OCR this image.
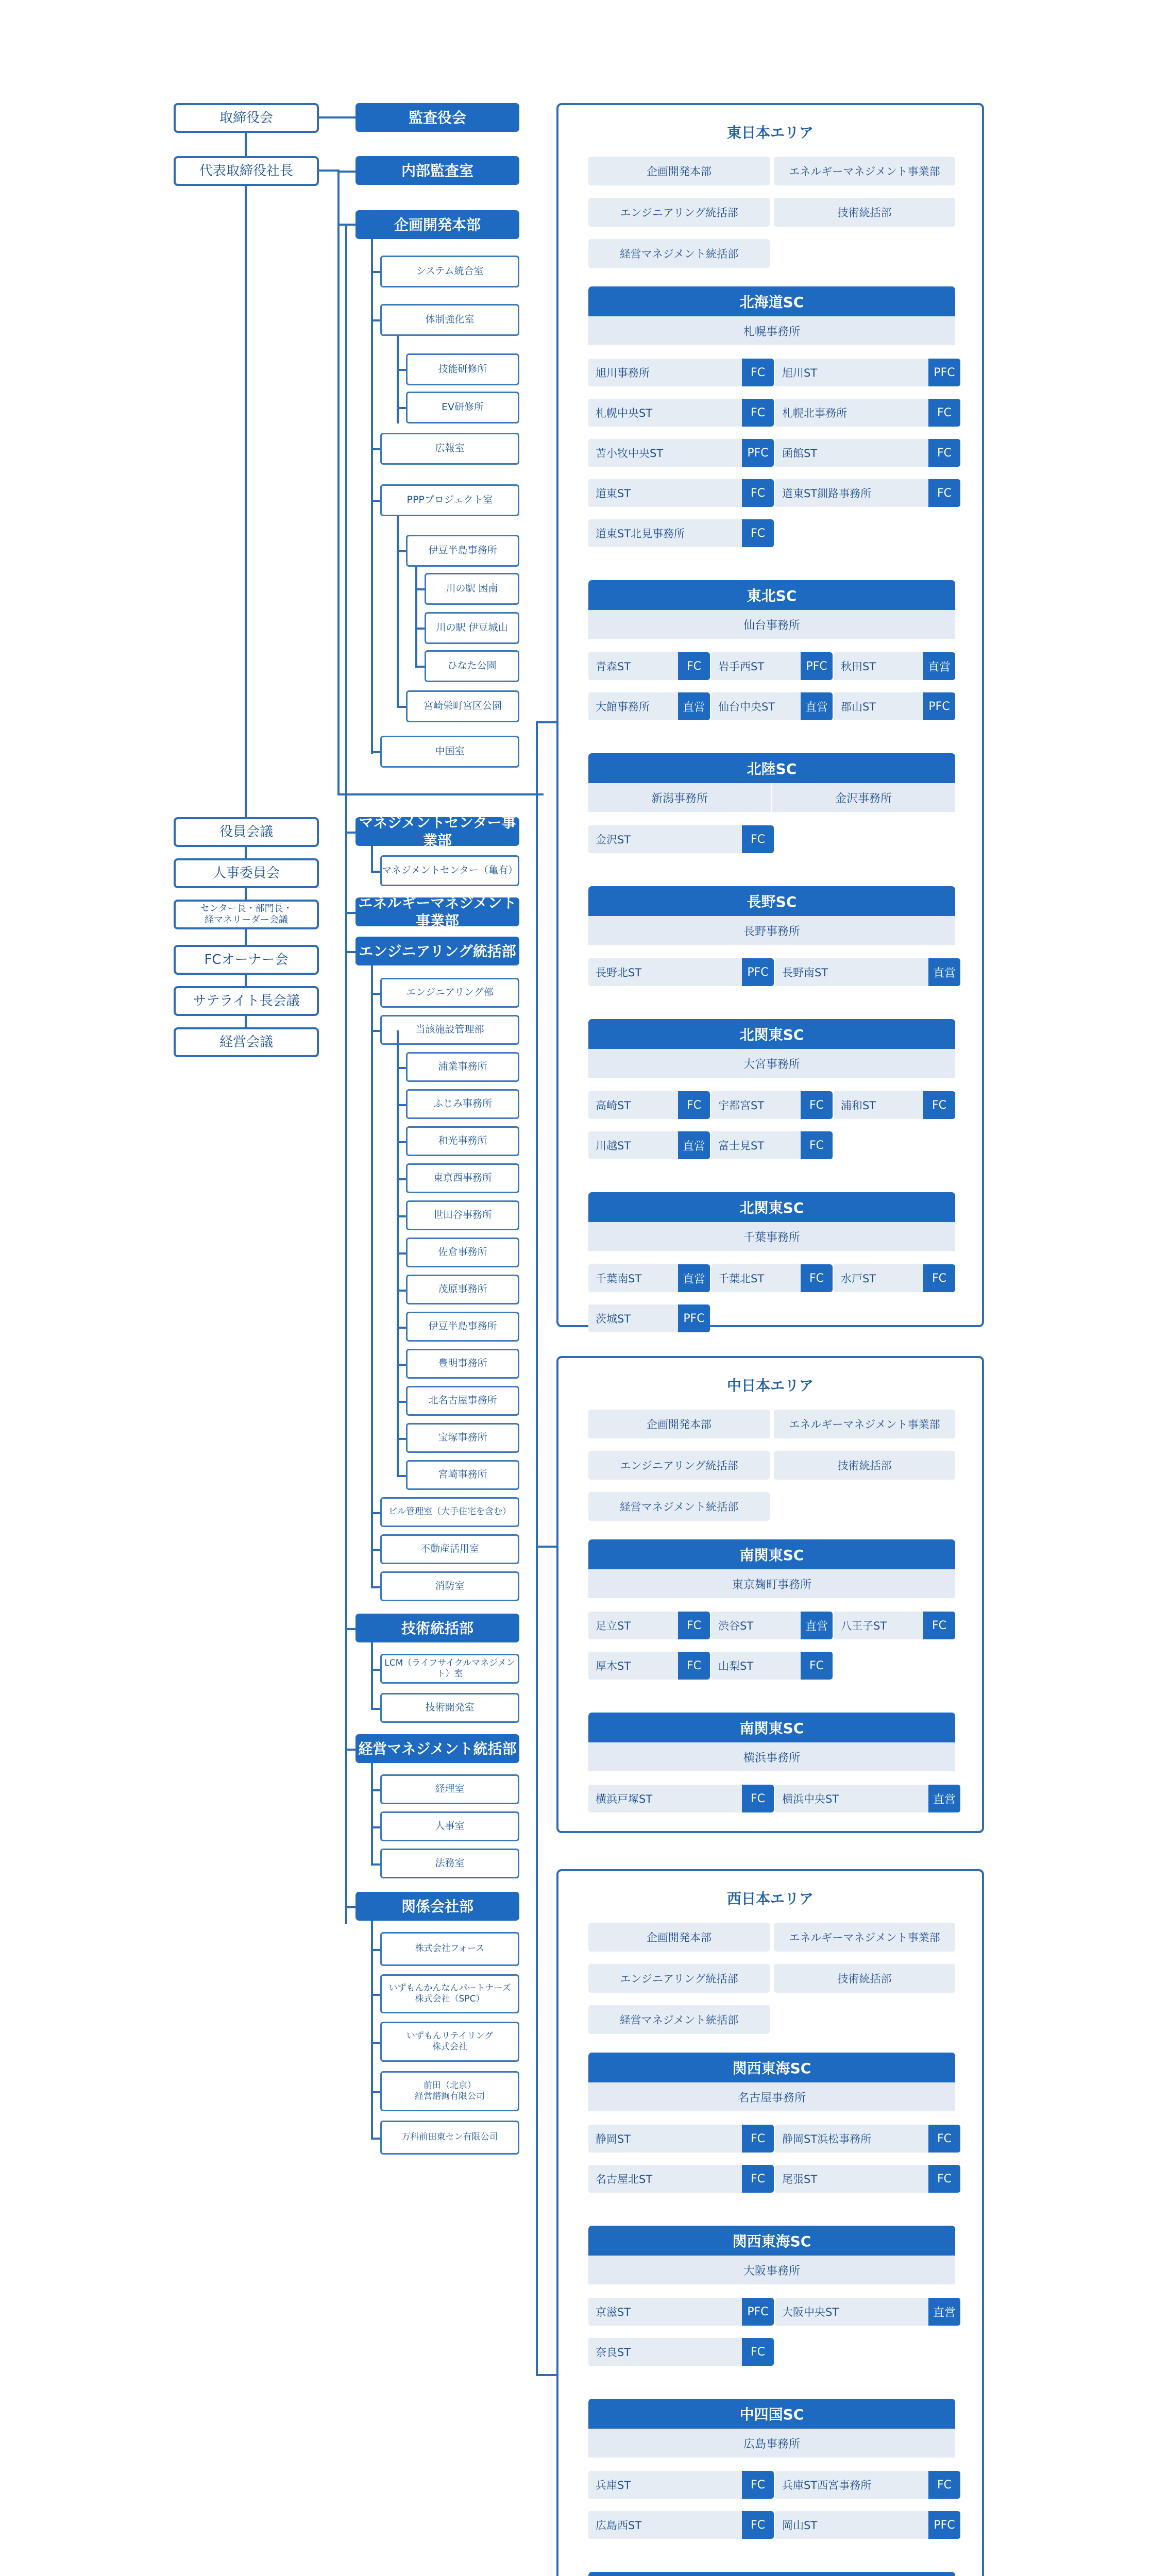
取締役会
代表取締役社長
役員会議
人事委員会
センター長・部門長・
経マネリーダー会議
FCオーナー会
サテライト長会議
経営会議
監査役会
内部監査室
企画開発本部
システム統合室
体制強化室
技能研修所
EV研修所
広報室
PPPプロジェクト室
伊豆半島事務所
川の駅 困南
川の駅 伊豆城山
ひなた公園
宮崎栄町宮区公園
中国室
マネジメントセンター事業部
マネジメントセンター（亀有）
エネルギーマネジメント事業部
エンジニアリング統括部
エンジニアリング部
当該施設管理部
浦業事務所
ふじみ事務所
和光事務所
東京西事務所
世田谷事務所
佐倉事務所
茂原事務所
伊豆半島事務所
豊明事務所
北名古屋事務所
宝塚事務所
宮崎事務所
ビル管理室（大手住宅を含む）
不動産活用室
消防室
技術統括部
LCM（ライフサイクルマネジメント）室
技術開発室
経営マネジメント統括部
経理室
人事室
法務室
関係会社部
株式会社フォース
いずもんかんなんパートナーズ
株式会社（SPC）
いずもんリテイリング
株式会社
前田（北京）
経営諮詢有限公司
万科前田東セン有限公司
東日本エリア
企画開発本部	エネルギーマネジメント事業部
エンジニアリング統括部	技術統括部
経営マネジメント統括部
北海道SC
札幌事務所
旭川事務所	FC	旭川ST	PFC
札幌中央ST	FC	札幌北事務所	FC
苫小牧中央ST	PFC	函館ST	FC
道東ST	FC	道東ST釧路事務所	FC
道東ST北見事務所	FC
東北SC
仙台事務所
青森ST	FC	岩手西ST	PFC	秋田ST	直営
大館事務所	直営	仙台中央ST	直営	郡山ST	PFC
北陸SC
新潟事務所	金沢事務所
金沢ST	FC
長野SC
長野事務所
長野北ST	PFC	長野南ST	直営
北関東SC
大宮事務所
高崎ST	FC	宇都宮ST	FC	浦和ST	FC
川越ST	直営	富士見ST	FC
北関東SC
千葉事務所
千葉南ST	直営	千葉北ST	FC	水戸ST	FC
茨城ST	PFC
中日本エリア
企画開発本部	エネルギーマネジメント事業部
エンジニアリング統括部	技術統括部
経営マネジメント統括部
南関東SC
東京麹町事務所
足立ST	FC	渋谷ST	直営	八王子ST	FC
厚木ST	FC	山梨ST	FC
南関東SC
横浜事務所
横浜戸塚ST	FC	横浜中央ST	直営
西日本エリア
企画開発本部	エネルギーマネジメント事業部
エンジニアリング統括部	技術統括部
経営マネジメント統括部
関西東海SC
名古屋事務所
静岡ST	FC	静岡ST浜松事務所	FC
名古屋北ST	FC	尾張ST	FC
関西東海SC
大阪事務所
京滋ST	PFC	大阪中央ST	直営
奈良ST	FC
中四国SC
広島事務所
兵庫ST	FC	兵庫ST西宮事務所	FC
広島西ST	FC	岡山ST	PFC
